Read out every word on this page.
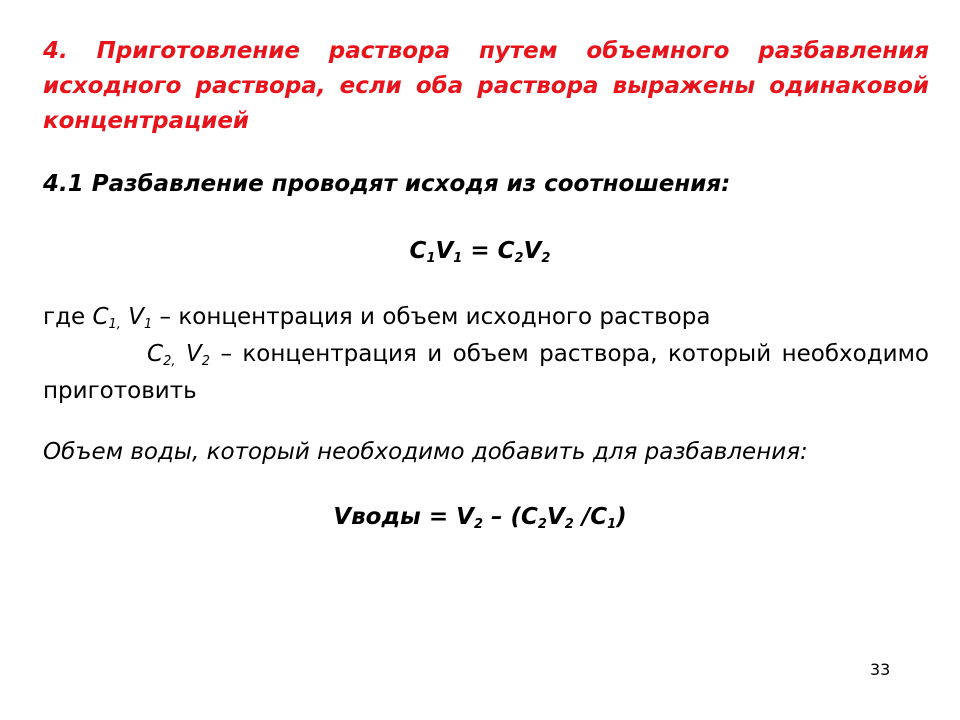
4. Приготовление раствора путем объемного разбавления исходного раствора, если оба раствора выражены одинаковой концентрацией

4.1 Разбавление проводят исходя из соотношения:

$C_1V_1 = C_2V_2$

где $C_{1,}$ $V_1$ – концентрация и объем исходного раствора

$C_{2,}$ $V_2$ – концентрация и объем раствора, который необходимо приготовить

Объем воды, который необходимо добавить для разбавления:

Vводы = $V_2 - (C_2V_2$ $/C_1$)

33
